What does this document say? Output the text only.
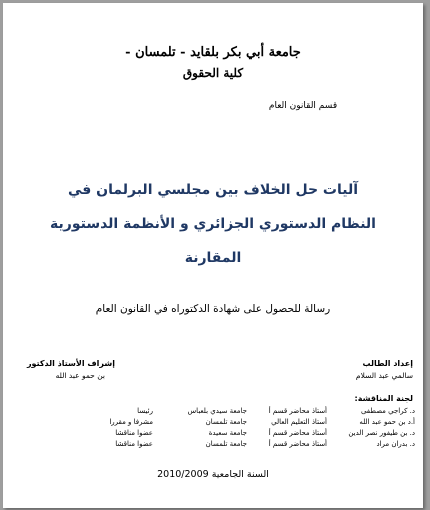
جامعة أبي بكر بلقايد - تلمسان -
كلية الحقوق
قسم القانون العام
آليات حل الخلاف بين مجلسي البرلمان في
النظام الدستوري الجزائري و الأنظمة الدستورية
المقارنة
رسالة للحصول على شهادة الدكتوراه في القانون العام
إعداد الطالب
سالمي عبد السلام
إشراف الأستاذ الدكتور
بن حمو عبد الله
لجنة المناقشة:
د. كراجي مصطفى
أستاذ محاضر قسم أ
جامعة سيدي بلعباس
رئيسا
أ.د بن حمو عبد الله
أستاذ التعليم العالي
جامعة تلمسان
مشرفا و مقررا
د. بن طيفور نصر الدين
أستاذ محاضر قسم أ
جامعة سعيدة
عضوا مناقشا
د. بدران مراد
أستاذ محاضر قسم أ
جامعة تلمسان
عضوا مناقشا
السنة الجامعية 2010/2009
